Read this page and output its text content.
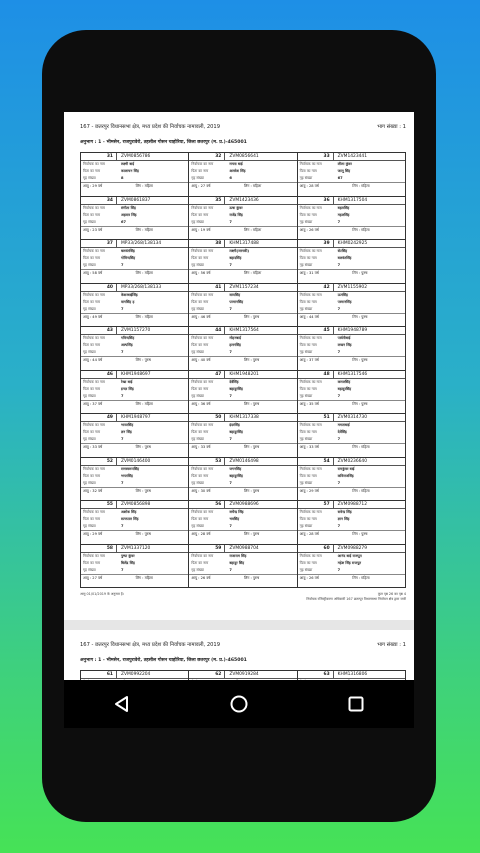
167 - छतरपुर विधानसभा क्षेत्र, मध्य प्रदेश की निर्वाचक नामावली, 2019	भाग संख्या : 1
अनुभाग : 1 - भीमसेन, राजपुरावेरो, तहसील गोसन चाहोरिया, जिला छतरपुर (म. प्र.)-465001
31	ZVM0856786
निर्वाचक का नाम	लक्ष्मी बाई
पिता का नाम	कालाचन सिंह
गृह संख्या	8
आयु : 29 वर्ष	लिंग : महिला
32	ZVM0856641
निर्वाचक का नाम	ममता बाई
पिता का नाम	अलवेश सिंह
गृह संख्या	6
आयु : 27 वर्ष	लिंग : महिला
33	ZVM1423441
निर्वाचक का नाम	लीला कुंवर
पिता का नाम	जालू सिंह
गृह संख्या	67
आयु : 28 वर्ष	लिंग : महिला
34	ZVM0861837
निर्वाचक का नाम	संगीता सिंह
पिता का नाम	अहवार सिंह
गृह संख्या	67
आयु : 23 वर्ष	लिंग : महिला
35	ZVM1423436
निर्वाचक का नाम	ऊषा कुंवर
पिता का नाम	राजेंद्र सिंह
गृह संख्या	7
आयु : 19 वर्ष	लिंग : महिला
36	KHM1317504
निर्वाचक का नाम	बहारसिंह
पिता का नाम	महलसिंह
गृह संख्या	7
आयु : 26 वर्ष	लिंग : महिला
37	MP33/268/138134
निर्वाचक का नाम	बलवंतसिंह
पिता का नाम	गोविन्दसिंह
गृह संख्या	7
आयु : 58 वर्ष	लिंग : महिला
38	KHM1317488
निर्वाचक का नाम	लक्ष्मी(जानकी)
पिता का नाम	बहादसिंह
गृह संख्या	7
आयु : 56 वर्ष	लिंग : महिला
39	KHM0242925
निर्वाचक का नाम	सेटसिंह
पिता का नाम	बलवंतसिंह
गृह संख्या	7
आयु : 31 वर्ष	लिंग : पुरुष
40	MP33/268/138133
निर्वाचक का नाम	केसरबाईसिंह
पिता का नाम	वागसिंह ह
गृह संख्या	7
आयु : 49 वर्ष	लिंग : महिला
41	ZVM1157234
निर्वाचक का नाम	सत्यसिंह
पिता का नाम	परमानसिंह
गृह संख्या	7
आयु : 46 वर्ष	लिंग : पुरुष
42	ZVM1155902
निर्वाचक का नाम	ऊमसिंह
पिता का नाम	परमानसिंह
गृह संख्या	7
आयु : 44 वर्ष	लिंग : पुरुष
43	ZVM1157270
निर्वाचक का नाम	गविन्दसिंह
पिता का नाम	अल्पसिंह
गृह संख्या	7
आयु : 44 वर्ष	लिंग : पुरुष
44	KHM1317564
निर्वाचक का नाम	मोहनबाई
पिता का नाम	हलनसिंह
गृह संख्या	7
आयु : 40 वर्ष	लिंग : पुरुष
45	KHM1948789
निर्वाचक का नाम	पार्वतीबाई
पिता का नाम	लखन सिंह
गृह संख्या	7
आयु : 37 वर्ष	लिंग : पुरुष
46	KHM1948697
निर्वाचक का नाम	रेखा बाई
पिता का नाम	इन्दर सिंह
गृह संख्या	7
आयु : 37 वर्ष	लिंग : महिला
47	KHM1948201
निर्वाचक का नाम	देवेंसिंह
पिता का नाम	बहादुरसिंह
गृह संख्या	7
आयु : 36 वर्ष	लिंग : पुरुष
48	KHM1317546
निर्वाचक का नाम	कमलसिंह
पिता का नाम	बहादुरसिंह
गृह संख्या	7
आयु : 35 वर्ष	लिंग : पुरुष
49	KHM1948797
निर्वाचक का नाम	भारतसिंह
पिता का नाम	ज्ञन सिंह
गृह संख्या	7
आयु : 33 वर्ष	लिंग : पुरुष
50	KHM1317338
निर्वाचक का नाम	इंदरसिंह
पिता का नाम	बहादुरसिंह
गृह संख्या	7
आयु : 33 वर्ष	लिंग : पुरुष
51	ZVM0314730
निर्वाचक का नाम	ममताबाई
पिता का नाम	देवेंसिंह
गृह संख्या	7
आयु : 33 वर्ष	लिंग : महिला
52	ZVM0146400
निर्वाचक का नाम	रामस्वरूपसिंह
पिता का नाम	भगतसिंह
गृह संख्या	7
आयु : 32 वर्ष	लिंग : पुरुष
53	ZVM0146498
निर्वाचक का नाम	जगनसिंह
पिता का नाम	बहादुरसिंह
गृह संख्या	7
आयु : 30 वर्ष	लिंग : पुरुष
54	ZVM0236640
निर्वाचक का नाम	रामकुंवर बाई
पिता का नाम	कविराजसिंह
गृह संख्या	7
आयु : 29 वर्ष	लिंग : महिला
55	ZVM0856898
निर्वाचक का नाम	अशोक सिंह
पिता का नाम	सत्यपाल सिंह
गृह संख्या	7
आयु : 29 वर्ष	लिंग : पुरुष
56	ZVM0988696
निर्वाचक का नाम	सचेंन्द्र सिंह
पिता का नाम	भवसिंह
गृह संख्या	7
आयु : 28 वर्ष	लिंग : पुरुष
57	ZVM0988712
निर्वाचक का नाम	सवेन्द्र सिंह
पिता का नाम	ज्ञान सिंह
गृह संख्या	7
आयु : 28 वर्ष	लिंग : पुरुष
58	ZVM1337120
निर्वाचक का नाम	पुष्पा कुंवर
पिता का नाम	बिलेंद्र सिंह
गृह संख्या	7
आयु : 27 वर्ष	लिंग : महिला
59	ZVM0988704
निर्वाचक का नाम	राजाराम सिंह
पिता का नाम	बहादुर सिंह
गृह संख्या	7
आयु : 26 वर्ष	लिंग : पुरुष
60	ZVM0988279
निर्वाचक का नाम	आनंद बाई राजपूत
पिता का नाम	महेश सिंह राजपूत
गृह संख्या	7
आयु : 26 वर्ष	लिंग : महिला
आयु 01/01/2019 के अनुसार है।	कुल पृष्ठ 26 का पृष्ठ 4
निर्वाचक रजिस्ट्रीकरण अधिकारी 167 छतरपुर विधानसभा निर्वाचन क्षेत्र द्वारा जारी
167 - छतरपुर विधानसभा क्षेत्र, मध्य प्रदेश की निर्वाचक नामावली, 2019	भाग संख्या : 1
अनुभाग : 1 - भीमसेन, राजपुरावेरो, तहसील गोसन चाहोरिया, जिला छतरपुर (म. प्र.)-465001
61	ZVM0992204	62	ZVM0919284	63	KHM1316806
